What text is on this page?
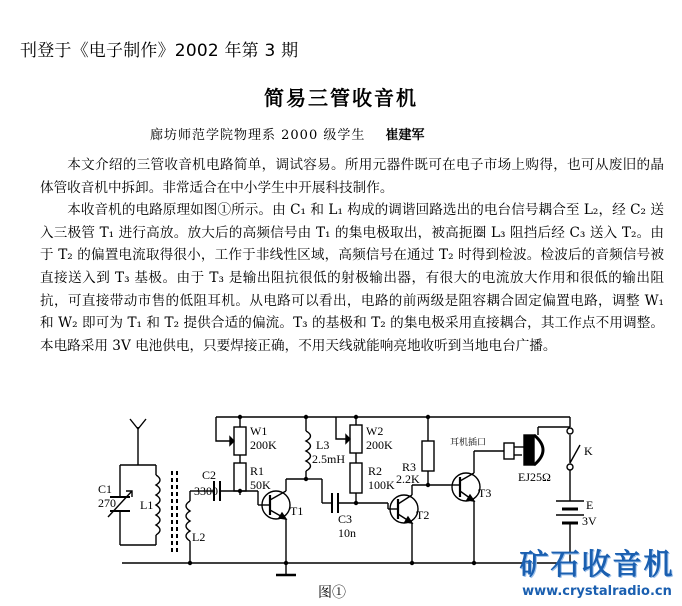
刊登于《电子制作》2002 年第 3 期
简易三管收音机
廊坊师范学院物理系 2000 级学生 崔建军

本文介绍的三管收音机电路简单，调试容易。所用元器件既可在电子市场上购得，也可从废旧的晶体管收音机中拆卸。非常适合在中小学生中开展科技制作。

本收音机的电路原理如图①所示。由 C₁ 和 L₁ 构成的调谐回路选出的电台信号耦合至 L₂，经 C₂ 送入三极管 T₁ 进行高放。放大后的高频信号由 T₁ 的集电极取出，被高扼圈 L₃ 阻挡后经 C₃ 送入 T₂。由于 T₂ 的偏置电流取得很小，工作于非线性区域，高频信号在通过 T₂ 时得到检波。检波后的音频信号被直接送入到 T₃ 基极。由于 T₃ 是输出阻抗很低的射极输出器，有很大的电流放大作用和很低的输出阻抗，可直接带动市售的低阻耳机。从电路可以看出，电路的前两级是阻容耦合固定偏置电路，调整 W₁ 和 W₂ 即可为 T₁ 和 T₂ 提供合适的偏流。T₃ 的基极和 T₂ 的集电极采用直接耦合，其工作点不用调整。本电路采用 3V 电池供电，只要焊接正确，不用天线就能响亮地收听到当地电台广播。

C1
270 L1
L2
C2
3300
W1
200K
R1
50K
T1
L3
2.5mH
C3
10n
W2
200K
R2
100K
T2
R3
2.2K
T3
耳机插口
EJ25Ω
K
E
3V
图①
矿石收音机
www.crystalradio.cn
